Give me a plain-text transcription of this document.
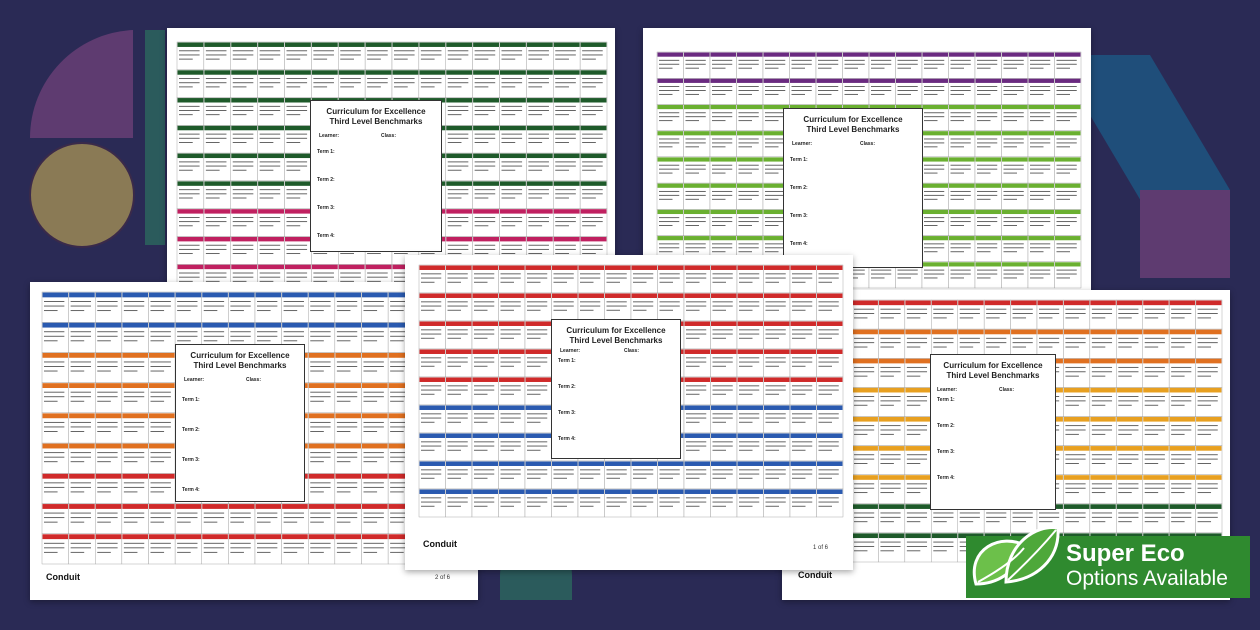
Curriculum for Excellence
Third Level Benchmarks
Learner:	Class:
Term 1:
Term 2:
Term 3:
Term 4:
Curriculum for Excellence
Third Level Benchmarks
Learner:	Class:
Term 1:
Term 2:
Term 3:
Term 4:
Curriculum for Excellence
Third Level Benchmarks
Learner:	Class:
Term 1:
Term 2:
Term 3:
Term 4:
Conduit	2 of 6
Curriculum for Excellence
Third Level Benchmarks
Learner:	Class:
Term 1:
Term 2:
Term 3:
Term 4:
Conduit
Curriculum for Excellence
Third Level Benchmarks
Learner:	Class:
Term 1:
Term 2:
Term 3:
Term 4:
Conduit	1 of 6	Super Eco
Options Available
